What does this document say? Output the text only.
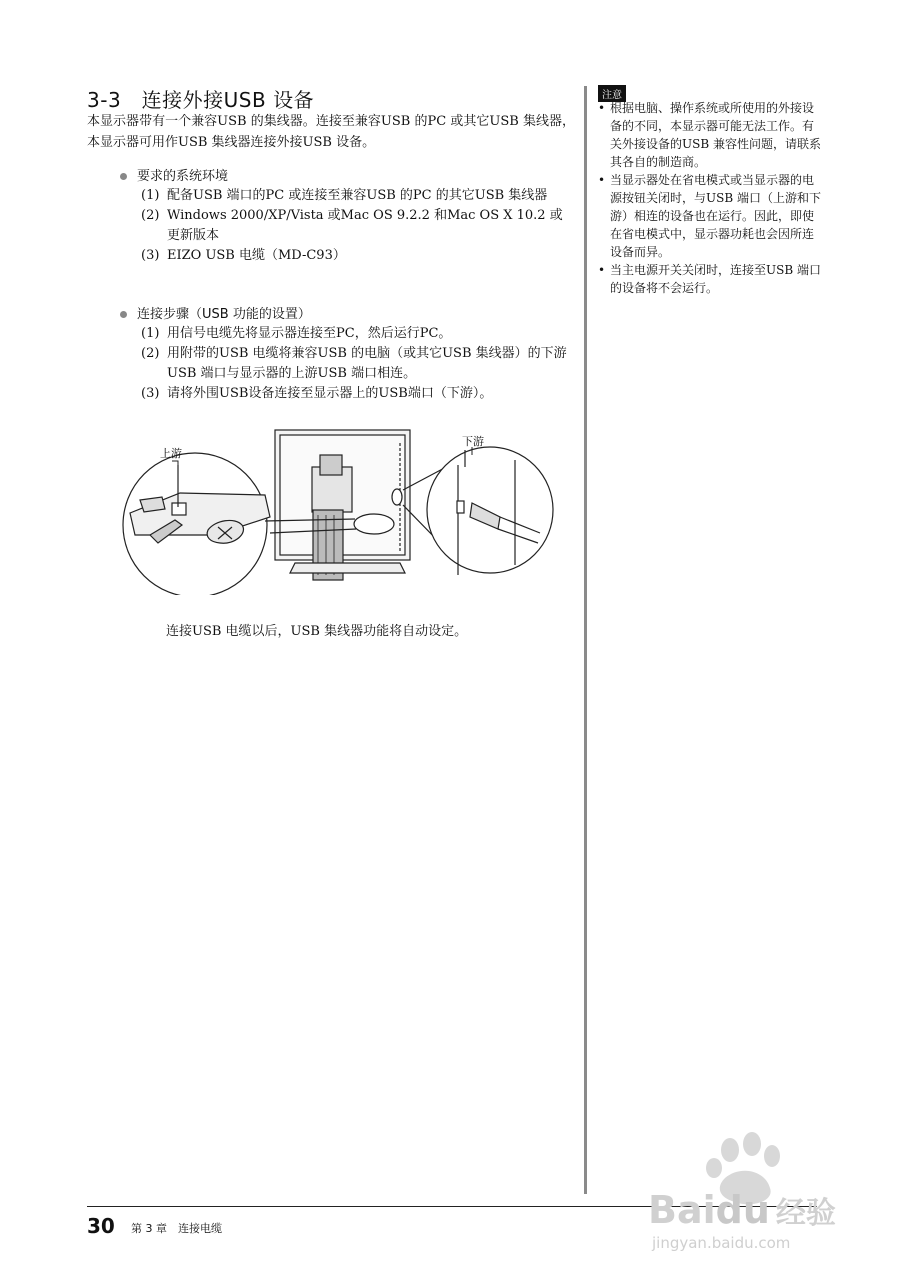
3-3　连接外接USB 设备
本显示器带有一个兼容USB 的集线器。连接至兼容USB 的PC 或其它USB 集线器，本显示器可用作USB 集线器连接外接USB 设备。
要求的系统环境
(1) 配备USB 端口的PC 或连接至兼容USB 的PC 的其它USB 集线器
(2) Windows 2000/XP/Vista 或Mac OS 9.2.2 和Mac OS X 10.2 或更新版本
(3) EIZO USB 电缆（MD-C93）
连接步骤（USB 功能的设置）
(1) 用信号电缆先将显示器连接至PC，然后运行PC。
(2) 用附带的USB 电缆将兼容USB 的电脑（或其它USB 集线器）的下游USB 端口与显示器的上游USB 端口相连。
(3) 请将外围USB设备连接至显示器上的USB端口（下游）。
上游
下游
连接USB 电缆以后，USB 集线器功能将自动设定。
注意
• 根据电脑、操作系统或所使用的外接设备的不同，本显示器可能无法工作。有关外接设备的USB 兼容性问题，请联系其各自的制造商。
• 当显示器处在省电模式或当显示器的电源按钮关闭时，与USB 端口（上游和下游）相连的设备也在运行。因此，即使在省电模式中，显示器功耗也会因所连设备而异。
• 当主电源开关关闭时，连接至USB 端口的设备将不会运行。
30 第 3 章　连接电缆	Baidu 经验
jingyan.baidu.com
